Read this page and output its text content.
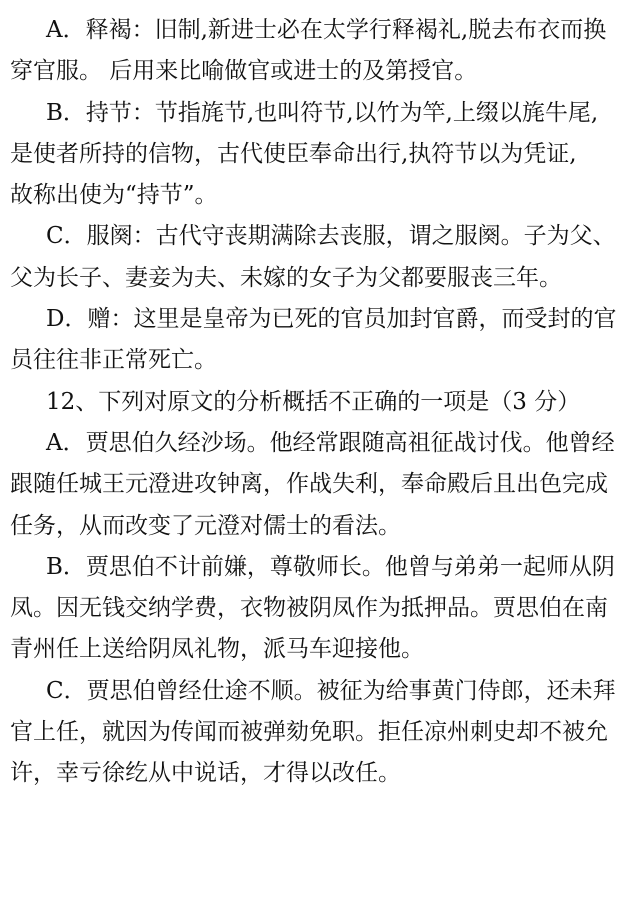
A．释褐：旧制,新进士必在太学行释褐礼,脱去布衣而换
穿官服。 后用来比喻做官或进士的及第授官。
B．持节：节指旄节,也叫符节,以竹为竿,上缀以旄牛尾,
是使者所持的信物，古代使臣奉命出行,执符节以为凭证,
故称出使为“持节”。
C．服阕：古代守丧期满除去丧服，谓之服阕。子为父、
父为长子、妻妾为夫、未嫁的女子为父都要服丧三年。
D．赠：这里是皇帝为已死的官员加封官爵，而受封的官
员往往非正常死亡。
12、下列对原文的分析概括不正确的一项是（3 分）
A．贾思伯久经沙场。他经常跟随高祖征战讨伐。他曾经
跟随任城王元澄进攻钟离，作战失利，奉命殿后且出色完成
任务，从而改变了元澄对儒士的看法。
B．贾思伯不计前嫌，尊敬师长。他曾与弟弟一起师从阴
凤。因无钱交纳学费，衣物被阴凤作为抵押品。贾思伯在南
青州任上送给阴凤礼物，派马车迎接他。
C．贾思伯曾经仕途不顺。被征为给事黄门侍郎，还未拜
官上任，就因为传闻而被弹劾免职。拒任凉州刺史却不被允
许，幸亏徐纥从中说话，才得以改任。
